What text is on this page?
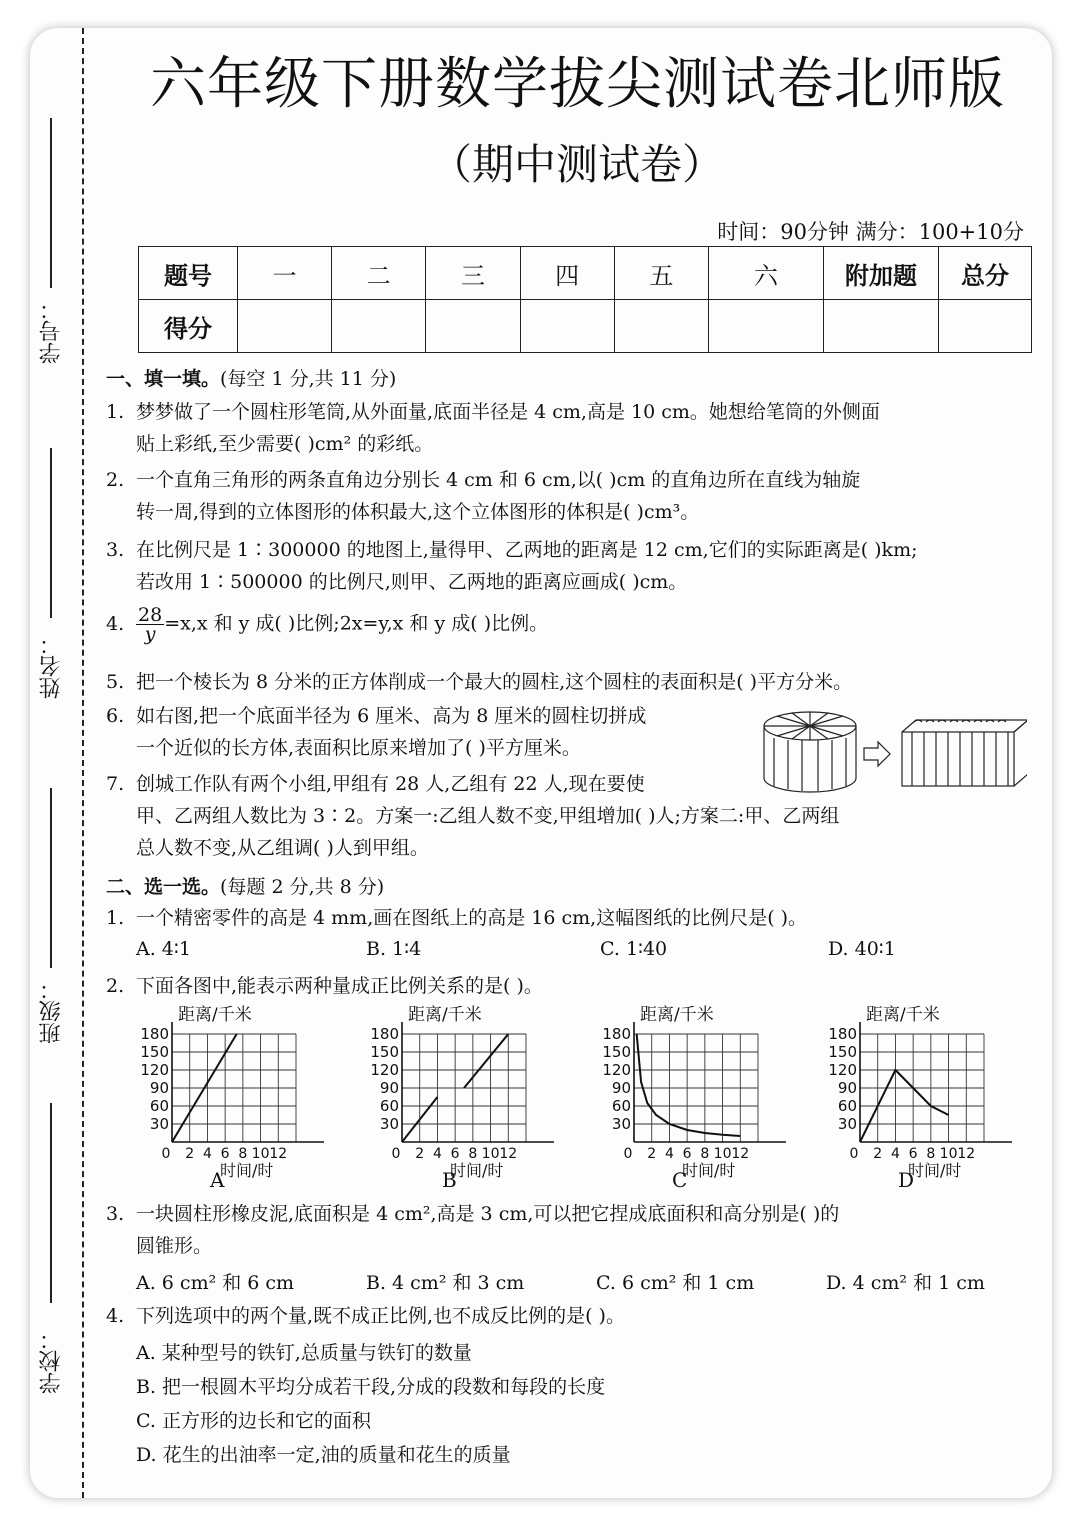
学号：
姓名：
班级：
学校：
六年级下册数学拔尖测试卷北师版
（期中测试卷）
时间：90分钟 满分：100+10分
题号	一	二	三	四	五	六	附加题	总分
得分								
一、填一填。(每空 1 分,共 11 分)
1. 梦梦做了一个圆柱形笔筒,从外面量,底面半径是 4 cm,高是 10 cm。她想给笔筒的外侧面
贴上彩纸,至少需要( )cm² 的彩纸。
2. 一个直角三角形的两条直角边分别长 4 cm 和 6 cm,以( )cm 的直角边所在直线为轴旋
转一周,得到的立体图形的体积最大,这个立体图形的体积是( )cm³。
3. 在比例尺是 1∶300000 的地图上,量得甲、乙两地的距离是 12 cm,它们的实际距离是( )km;
若改用 1∶500000 的比例尺,则甲、乙两地的距离应画成( )cm。
4. $\frac{28}{y} =x,x$ 和 y 成( )比例;2x=y,x 和 y 成( )比例。
5. 把一个棱长为 8 分米的正方体削成一个最大的圆柱,这个圆柱的表面积是( )平方分米。
6. 如右图,把一个底面半径为 6 厘米、高为 8 厘米的圆柱切拼成
一个近似的长方体,表面积比原来增加了( )平方厘米。
7. 创城工作队有两个小组,甲组有 28 人,乙组有 22 人,现在要使
甲、乙两组人数比为 3∶2。方案一:乙组人数不变,甲组增加( )人;方案二:甲、乙两组
总人数不变,从乙组调( )人到甲组。
二、选一选。(每题 2 分,共 8 分)
1. 一个精密零件的高是 4 mm,画在图纸上的高是 16 cm,这幅图纸的比例尺是( )。
A. 4∶1	B. 1∶4	C. 1∶40	D. 40∶1
2. 下面各图中,能表示两种量成正比例关系的是( )。
30
60
90
120
150
180
0 2 4 6 8 10 12
距离/千米
时间/时
30
60
90
120
150
180
0 2 4 6 8 10 12
距离/千米
时间/时
30
60
90
120
150
180
0 2 4 6 8 10 12
距离/千米
时间/时
30
60
90
120
150
180
0 2 4 6 8 10 12
距离/千米
时间/时
A	B	C	D
3. 一块圆柱形橡皮泥,底面积是 4 cm²,高是 3 cm,可以把它捏成底面积和高分别是( )的
圆锥形。
A. 6 cm² 和 6 cm	B. 4 cm² 和 3 cm	C. 6 cm² 和 1 cm	D. 4 cm² 和 1 cm
4. 下列选项中的两个量,既不成正比例,也不成反比例的是( )。
A. 某种型号的铁钉,总质量与铁钉的数量
B. 把一根圆木平均分成若干段,分成的段数和每段的长度
C. 正方形的边长和它的面积
D. 花生的出油率一定,油的质量和花生的质量
